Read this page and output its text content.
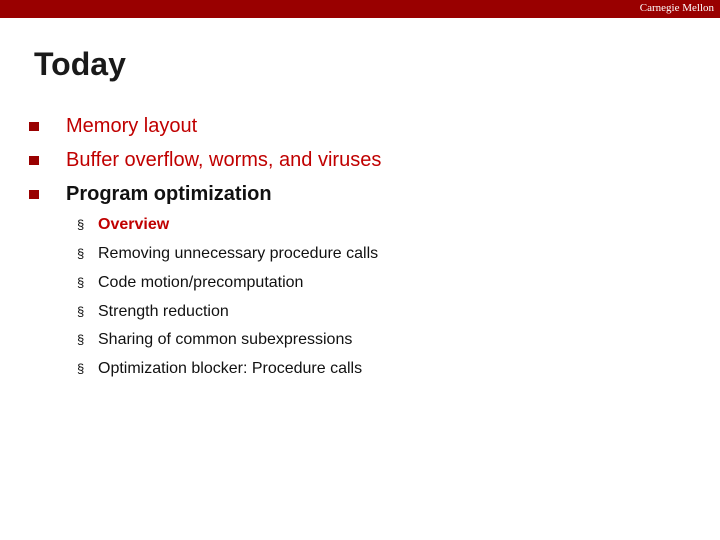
Carnegie Mellon
Today
Memory layout
Buffer overflow, worms, and viruses
Program optimization
§ Overview
§ Removing unnecessary procedure calls
§ Code motion/precomputation
§ Strength reduction
§ Sharing of common subexpressions
§ Optimization blocker: Procedure calls
